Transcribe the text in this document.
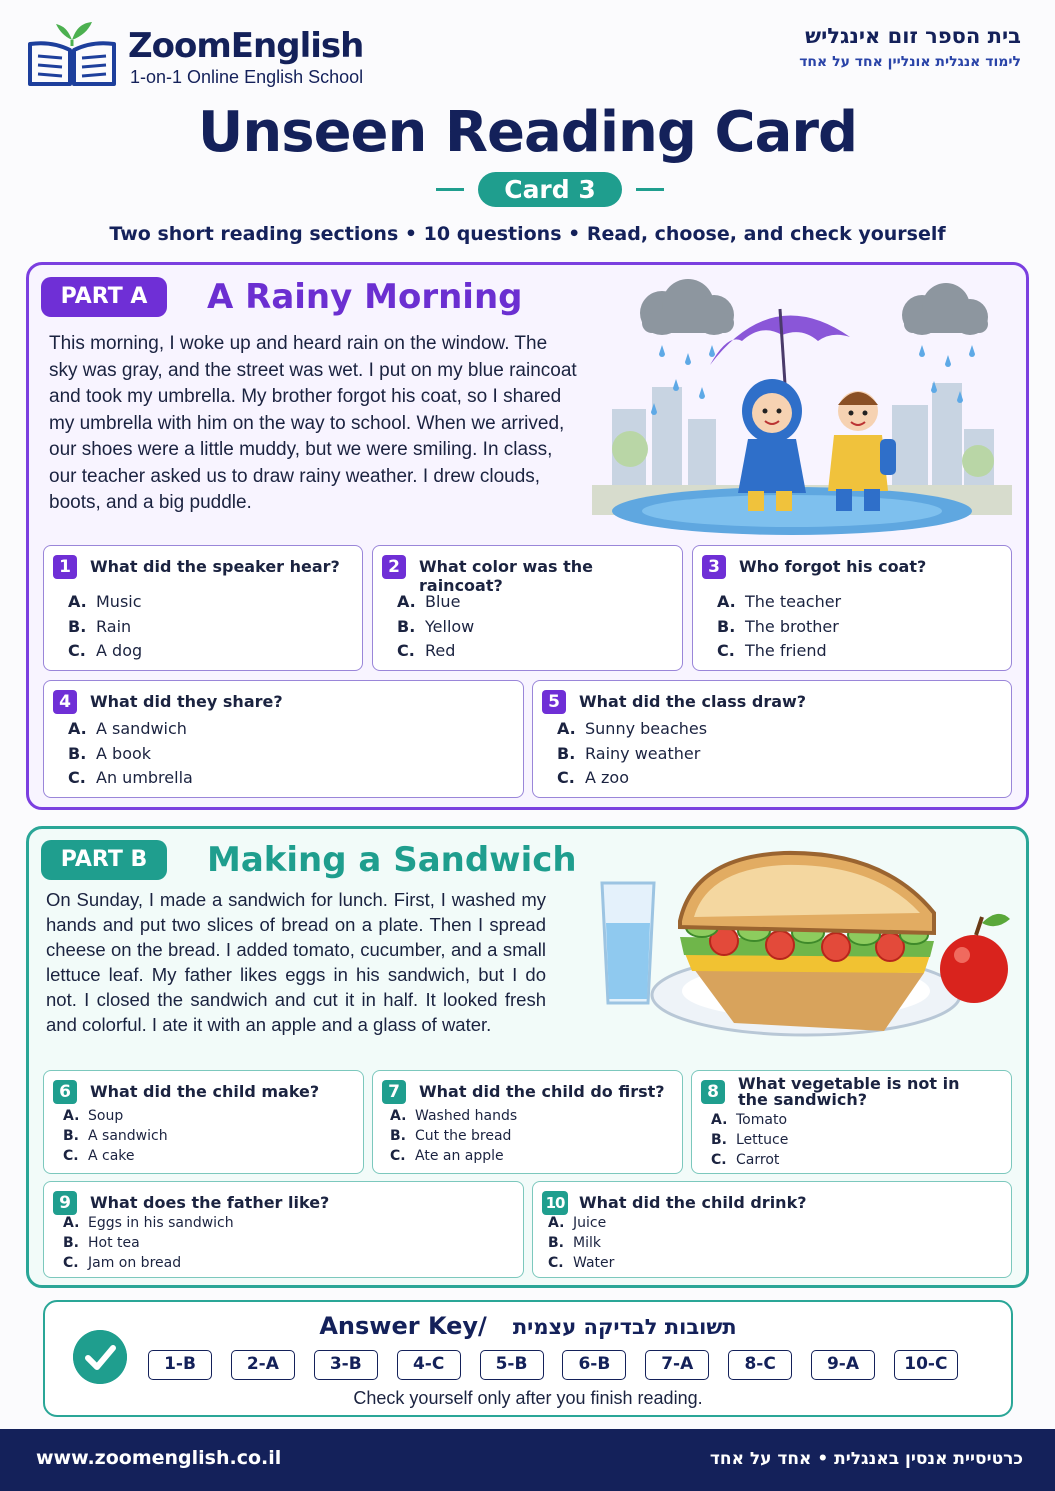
ZoomEnglish
1-on-1 Online English School
בית הספר זום אינגליש
לימוד אנגלית אונליין אחד על אחד
Unseen Reading Card
Card 3
Two short reading sections • 10 questions • Read, choose, and check yourself
PART A	A Rainy Morning
This morning, I woke up and heard rain on the window. The sky was gray, and the street was wet. I put on my blue raincoat and took my umbrella. My brother forgot his coat, so I shared my umbrella with him on the way to school. When we arrived, our shoes were a little muddy, but we were smiling. In class, our teacher asked us to draw rainy weather. I drew clouds, boots, and a big puddle.
1	What did the speaker hear?
A. Music
B. Rain
C. A dog
2	What color was the raincoat?
A. Blue
B. Yellow
C. Red
3	Who forgot his coat?
A. The teacher
B. The brother
C. The friend
4	What did they share?
A. A sandwich
B. A book
C. An umbrella
5	What did the class draw?
A. Sunny beaches
B. Rainy weather
C. A zoo
PART B	Making a Sandwich
On Sunday, I made a sandwich for lunch. First, I washed my hands and put two slices of bread on a plate. Then I spread cheese on the bread. I added tomato, cucumber, and a small lettuce leaf. My father likes eggs in his sandwich, but I do not. I closed the sandwich and cut it in half. It looked fresh and colorful. I ate it with an apple and a glass of water.
6	What did the child make?
A. Soup
B. A sandwich
C. A cake
7	What did the child do first?
A. Washed hands
B. Cut the bread
C. Ate an apple
8	What vegetable is not in the sandwich?
A. Tomato
B. Lettuce
C. Carrot
9	What does the father like?
A. Eggs in his sandwich
B. Hot tea
C. Jam on bread
10 What did the child drink?
A. Juice
B. Milk
C. Water
Answer Key/ תשובות לבדיקה עצמית
1-B	2-A	3-B	4-C	5-B	6-B	7-A	8-C	9-A	10-C
Check yourself only after you finish reading.
www.zoomenglish.co.il	כרטיסיית אנסין באנגלית • אחד על אחד
